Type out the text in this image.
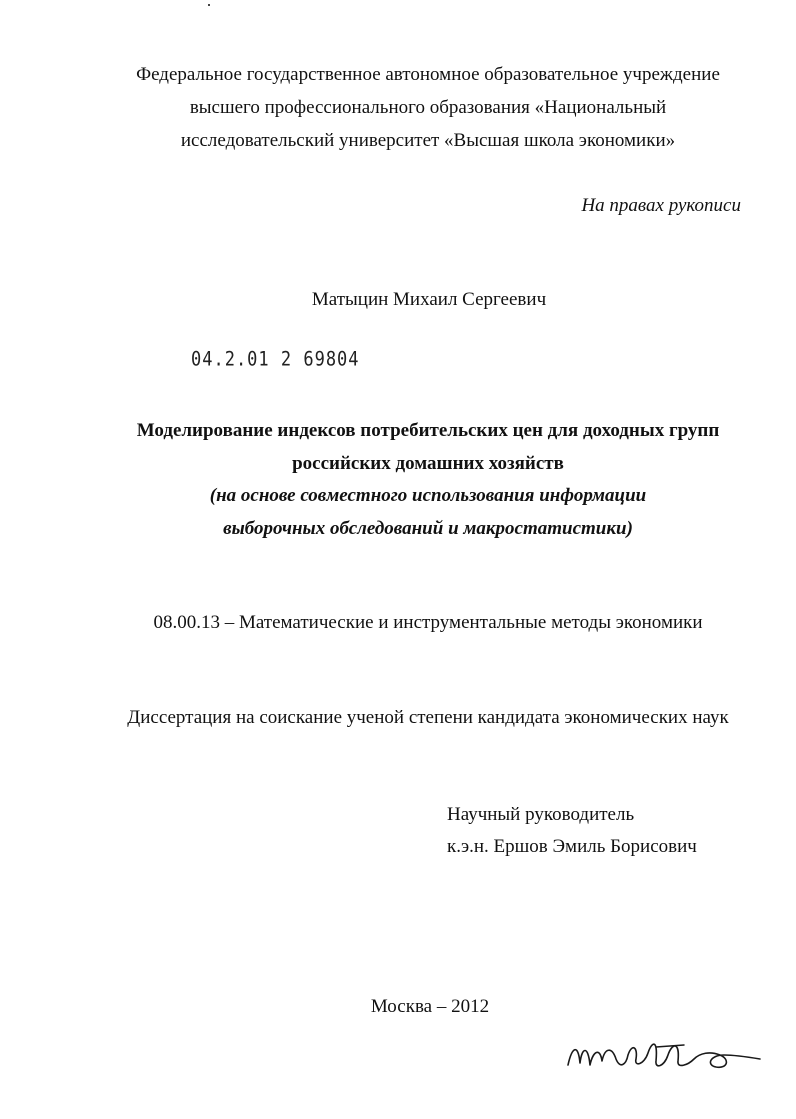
Федеральное государственное автономное образовательное учреждение
высшего профессионального образования «Национальный
исследовательский университет «Высшая школа экономики»
На правах рукописи
Матыцин Михаил Сергеевич
04.2.01 2 69804
Моделирование индексов потребительских цен для доходных групп
российских домашних хозяйств
(на основе совместного использования информации
выборочных обследований и макростатистики)
08.00.13 – Математические и инструментальные методы экономики
Диссертация на соискание ученой степени кандидата экономических наук
Научный руководитель
к.э.н. Ершов Эмиль Борисович
Москва – 2012
